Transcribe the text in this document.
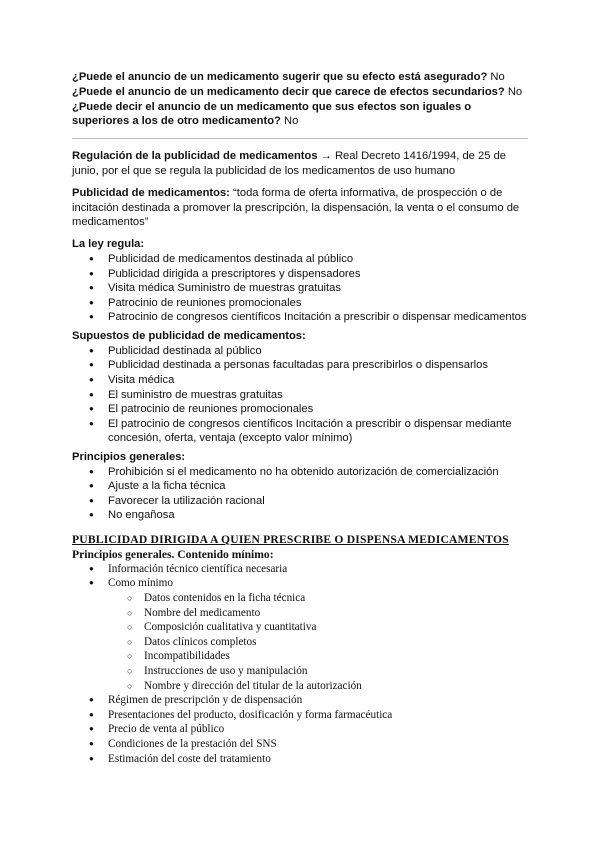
¿Puede el anuncio de un medicamento sugerir que su efecto está asegurado? No

¿Puede el anuncio de un medicamento decir que carece de efectos secundarios? No

¿Puede decir el anuncio de un medicamento que sus efectos son iguales o superiores a los de otro medicamento? No

Regulación de la publicidad de medicamentos → Real Decreto 1416/1994, de 25 de junio, por el que se regula la publicidad de los medicamentos de uso humano

Publicidad de medicamentos: “toda forma de oferta informativa, de prospección o de incitación destinada a promover la prescripción, la dispensación, la venta o el consumo de medicamentos”

La ley regula:
● Publicidad de medicamentos destinada al público
● Publicidad dirigida a prescriptores y dispensadores
● Visita médica Suministro de muestras gratuitas
● Patrocinio de reuniones promocionales
● Patrocinio de congresos científicos Incitación a prescribir o dispensar medicamentos
Supuestos de publicidad de medicamentos:
● Publicidad destinada al público
● Publicidad destinada a personas facultadas para prescribirlos o dispensarlos
● Visita médica
● El suministro de muestras gratuitas
● El patrocinio de reuniones promocionales
● El patrocinio de congresos científicos Incitación a prescribir o dispensar mediante concesión, oferta, ventaja (excepto valor mínimo)
Principios generales:
● Prohibición si el medicamento no ha obtenido autorización de comercialización
● Ajuste a la ficha técnica
● Favorecer la utilización racional
● No engañosa
PUBLICIDAD DIRIGIDA A QUIEN PRESCRIBE O DISPENSA MEDICAMENTOS
Principios generales. Contenido mínimo:
● Información técnico científica necesaria
● Como mínimo
○ Datos contenidos en la ficha técnica
○ Nombre del medicamento
○ Composición cualitativa y cuantitativa
○ Datos clínicos completos
○ Incompatibilidades
○ Instrucciones de uso y manipulación
○ Nombre y dirección del titular de la autorización
● Régimen de prescripción y de dispensación
● Presentaciones del producto, dosificación y forma farmacéutica
● Precio de venta al público
● Condiciones de la prestación del SNS
● Estimación del coste del tratamiento
